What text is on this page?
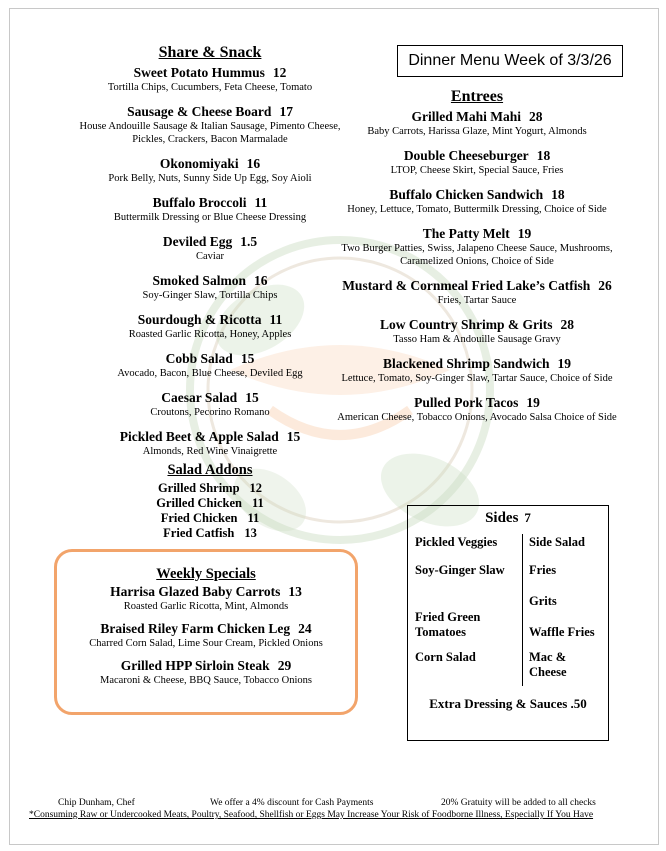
Share & Snack
Sweet Potato Hummus 12
Tortilla Chips, Cucumbers, Feta Cheese, Tomato
Sausage & Cheese Board 17
House Andouille Sausage & Italian Sausage, Pimento Cheese, Pickles, Crackers, Bacon Marmalade
Okonomiyaki 16
Pork Belly, Nuts, Sunny Side Up Egg, Soy Aioli
Buffalo Broccoli 11
Buttermilk Dressing or Blue Cheese Dressing
Deviled Egg 1.5
Caviar
Smoked Salmon 16
Soy-Ginger Slaw, Tortilla Chips
Sourdough & Ricotta 11
Roasted Garlic Ricotta, Honey, Apples
Cobb Salad 15
Avocado, Bacon, Blue Cheese, Deviled Egg
Caesar Salad 15
Croutons, Pecorino Romano
Pickled Beet & Apple Salad 15
Almonds, Red Wine Vinaigrette
Salad Addons
Grilled Shrimp 12
Grilled Chicken 11
Fried Chicken 11
Fried Catfish 13
Dinner Menu Week of 3/3/26
Entrees
Grilled Mahi Mahi 28
Baby Carrots, Harissa Glaze, Mint Yogurt, Almonds
Double Cheeseburger 18
LTOP, Cheese Skirt, Special Sauce, Fries
Buffalo Chicken Sandwich 18
Honey, Lettuce, Tomato, Buttermilk Dressing, Choice of Side
The Patty Melt 19
Two Burger Patties, Swiss, Jalapeno Cheese Sauce, Mushrooms, Caramelized Onions, Choice of Side
Mustard & Cornmeal Fried Lake’s Catfish 26
Fries, Tartar Sauce
Low Country Shrimp & Grits 28
Tasso Ham & Andouille Sausage Gravy
Blackened Shrimp Sandwich 19
Lettuce, Tomato, Soy-Ginger Slaw, Tartar Sauce, Choice of Side
Pulled Pork Tacos 19
American Cheese, Tobacco Onions, Avocado Salsa Choice of Side
Weekly Specials
Harrisa Glazed Baby Carrots 13
Roasted Garlic Ricotta, Mint, Almonds
Braised Riley Farm Chicken Leg 24
Charred Corn Salad, Lime Sour Cream, Pickled Onions
Grilled HPP Sirloin Steak 29
Macaroni & Cheese, BBQ Sauce, Tobacco Onions
Sides 7
Pickled Veggies
Soy-Ginger Slaw
Fried Green Tomatoes
Corn Salad
Side Salad
Fries
Grits
Waffle Fries
Mac & Cheese
Extra Dressing & Sauces .50
Chip Dunham, Chef	We offer a 4% discount for Cash Payments	20% Gratuity will be added to all checks
*Consuming Raw or Undercooked Meats, Poultry, Seafood, Shellfish or Eggs May Increase Your Risk of Foodborne Illness, Especially If You Have
